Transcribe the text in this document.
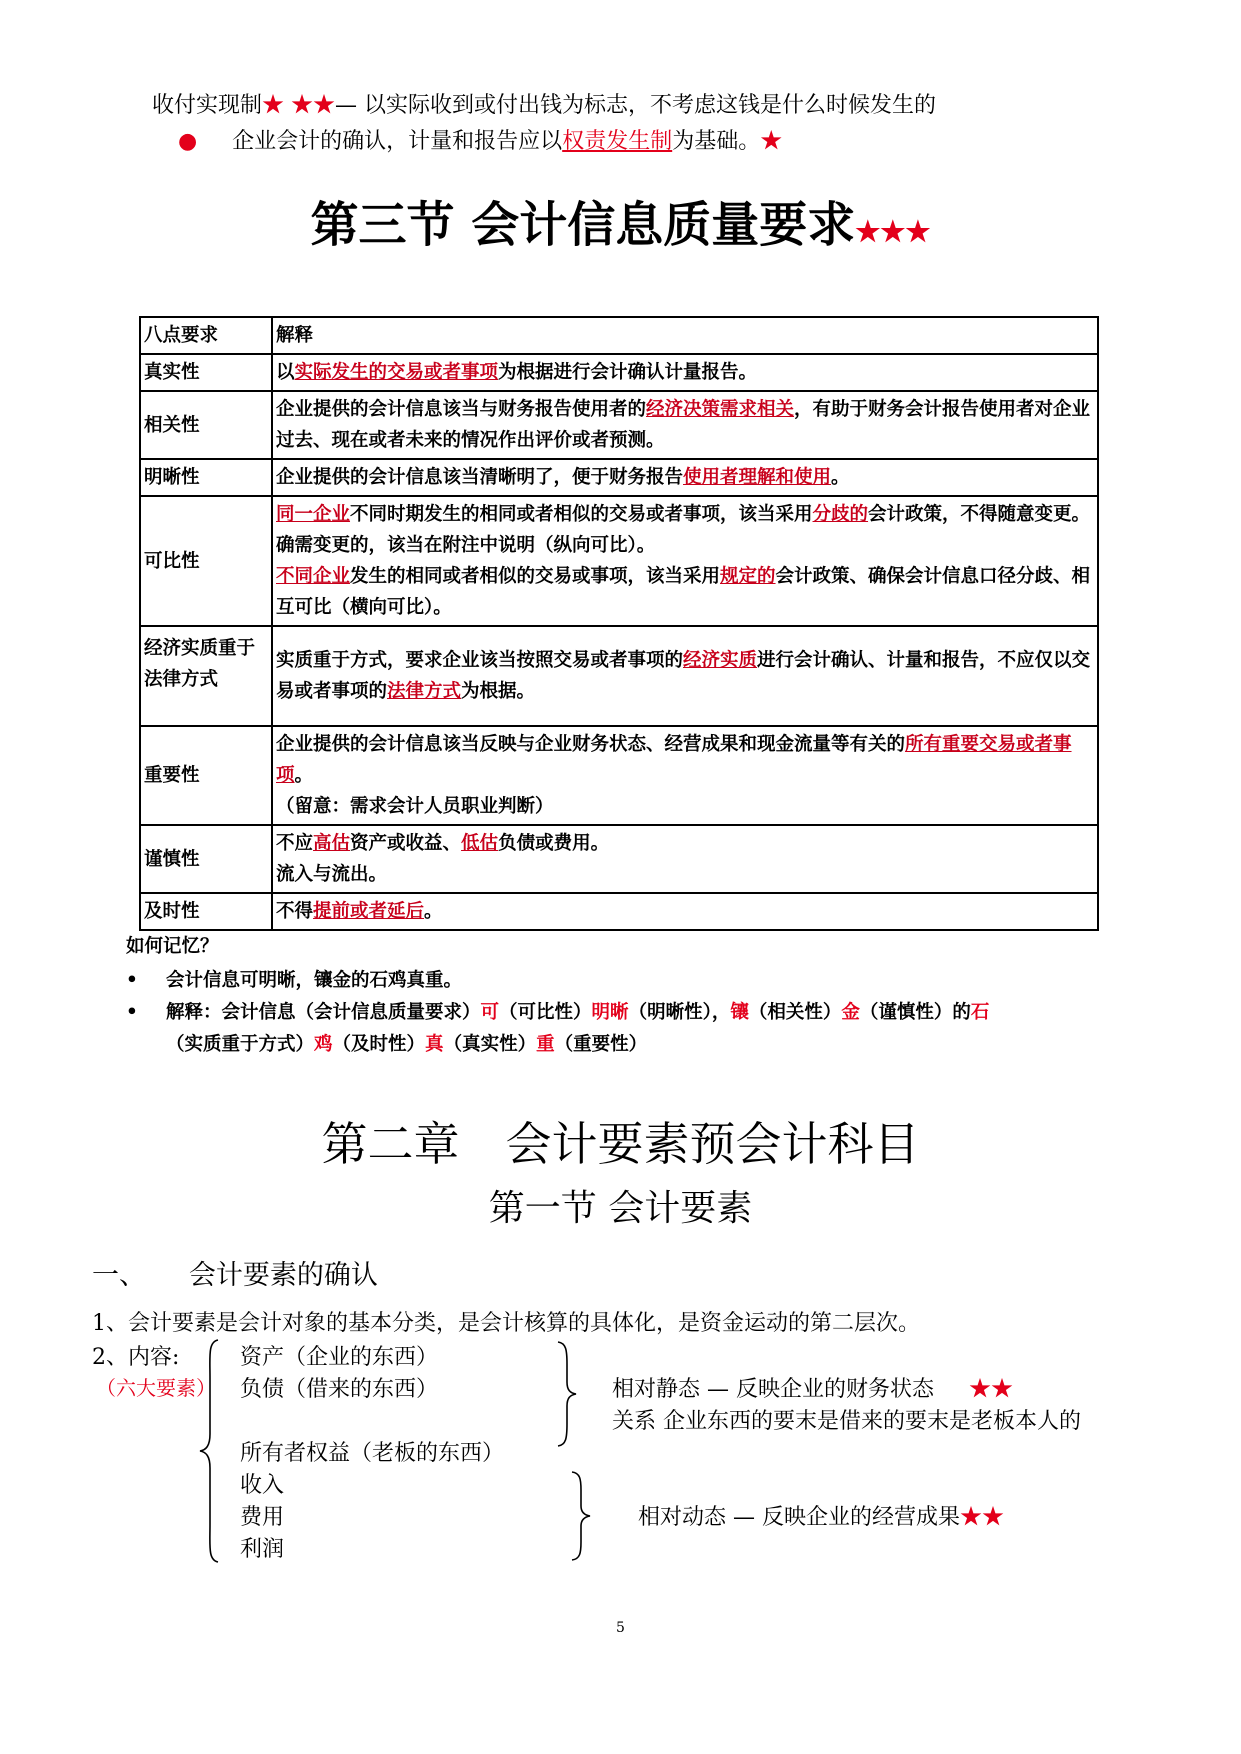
收付实现制★ ★★— 以实际收到或付出钱为标志，不考虑这钱是什么时候发生的
● 企业会计的确认，计量和报告应以权责发生制为基础。★
第三节 会计信息质量要求★★★
八点要求	解释
真实性	以实际发生的交易或者事项为根据进行会计确认计量报告。
相关性	企业提供的会计信息该当与财务报告使用者的经济决策需求相关，有助于财务会计报告使用者对企业过去、现在或者未来的情况作出评价或者预测。
明晰性	企业提供的会计信息该当清晰明了，便于财务报告使用者理解和使用。
可比性	同一企业不同时期发生的相同或者相似的交易或者事项，该当采用分歧的会计政策，不得随意变更。确需变更的，该当在附注中说明（纵向可比）。
不同企业发生的相同或者相似的交易或事项，该当采用规定的会计政策、确保会计信息口径分歧、相互可比（横向可比）。
经济实质重于法律方式	实质重于方式，要求企业该当按照交易或者事项的经济实质进行会计确认、计量和报告，不应仅以交易或者事项的法律方式为根据。
重要性	企业提供的会计信息该当反映与企业财务状态、经营成果和现金流量等有关的所有重要交易或者事项。
（留意：需求会计人员职业判断）
谨慎性	不应高估资产或收益、低估负债或费用。
流入与流出。
及时性	不得提前或者延后。
如何记忆？
• 会计信息可明晰，镶金的石鸡真重。
• 解释：会计信息（会计信息质量要求）可（可比性）明晰（明晰性），镶（相关性）金（谨慎性）的石
（实质重于方式）鸡（及时性）真（真实性）重（重要性）
第二章　会计要素预会计科目
第一节 会计要素
一、 会计要素的确认
1、会计要素是会计对象的基本分类，是会计核算的具体化，是资金运动的第二层次。
2、内容:
（六大要素）
资产（企业的东西）
负债（借来的东西）
所有者权益（老板的东西）
收入
费用
利润
相对静态 — 反映企业的财务状态 ★★
关系 企业东西的要末是借来的要末是老板本人的
相对动态 — 反映企业的经营成果★★
5
